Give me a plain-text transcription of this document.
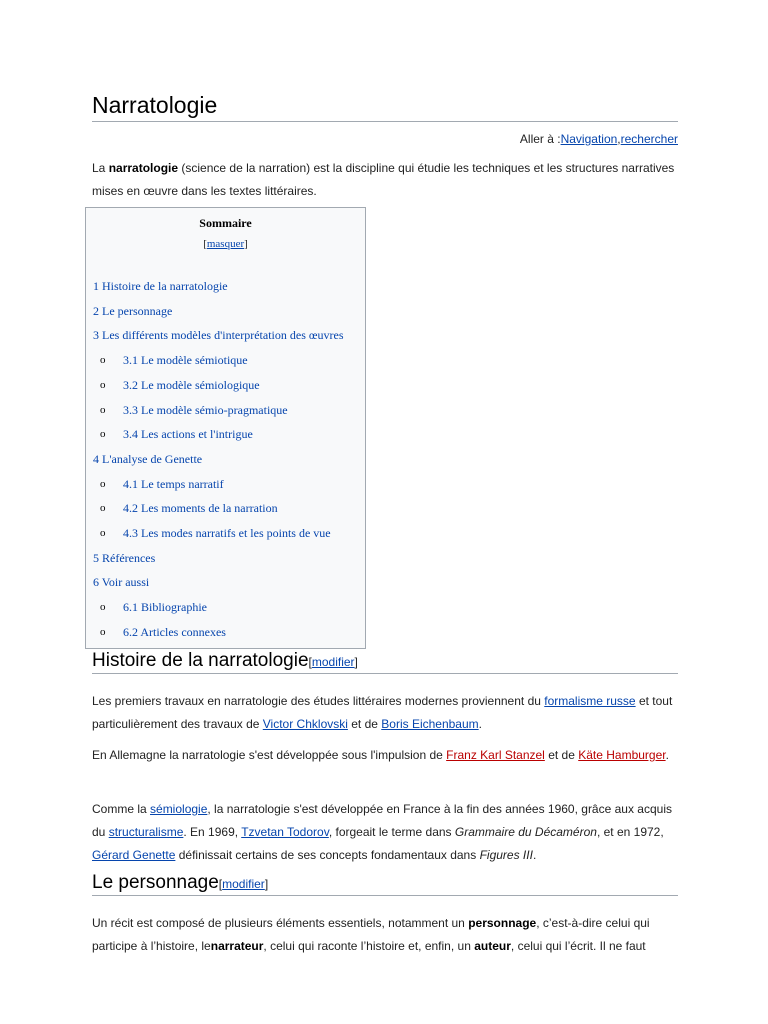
Narratologie
Aller à :Navigation,rechercher
La narratologie (science de la narration) est la discipline qui étudie les techniques et les structures narratives mises en œuvre dans les textes littéraires.
Sommaire
[masquer]
1 Histoire de la narratologie
2 Le personnage
3 Les différents modèles d'interprétation des œuvres
o 3.1 Le modèle sémiotique
o 3.2 Le modèle sémiologique
o 3.3 Le modèle sémio-pragmatique
o 3.4 Les actions et l'intrigue
4 L'analyse de Genette
o 4.1 Le temps narratif
o 4.2 Les moments de la narration
o 4.3 Les modes narratifs et les points de vue
5 Références
6 Voir aussi
o 6.1 Bibliographie
o 6.2 Articles connexes
Histoire de la narratologie[modifier]
Les premiers travaux en narratologie des études littéraires modernes proviennent du formalisme russe et tout particulièrement des travaux de Victor Chklovski et de Boris Eichenbaum.
En Allemagne la narratologie s'est développée sous l'impulsion de Franz Karl Stanzel et de Käte Hamburger.
Comme la sémiologie, la narratologie s'est développée en France à la fin des années 1960, grâce aux acquis du structuralisme. En 1969, Tzvetan Todorov, forgeait le terme dans Grammaire du Décaméron, et en 1972, Gérard Genette définissait certains de ses concepts fondamentaux dans Figures III.
Le personnage[modifier]
Un récit est composé de plusieurs éléments essentiels, notamment un personnage, c’est-à-dire celui qui participe à l’histoire, lenarrateur, celui qui raconte l’histoire et, enfin, un auteur, celui qui l’écrit. Il ne faut
